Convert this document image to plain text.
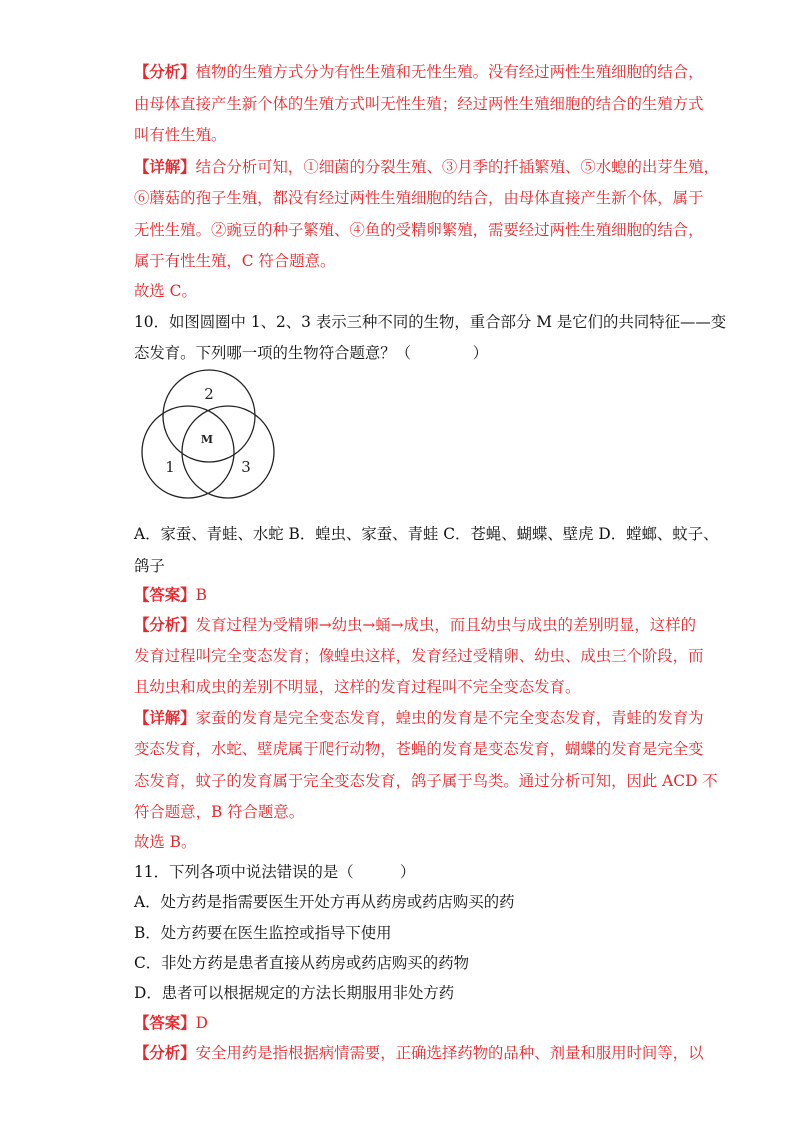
【分析】植物的生殖方式分为有性生殖和无性生殖。没有经过两性生殖细胞的结合，
由母体直接产生新个体的生殖方式叫无性生殖；经过两性生殖细胞的结合的生殖方式
叫有性生殖。
【详解】结合分析可知，①细菌的分裂生殖、③月季的扦插繁殖、⑤水螅的出芽生殖，
⑥蘑菇的孢子生殖，都没有经过两性生殖细胞的结合，由母体直接产生新个体，属于
无性生殖。②豌豆的种子繁殖、④鱼的受精卵繁殖，需要经过两性生殖细胞的结合，
属于有性生殖，C 符合题意。
故选 C。
10．如图圆圈中 1、2、3 表示三种不同的生物，重合部分 M 是它们的共同特征——变
态发育。下列哪一项的生物符合题意？（　　　　）
2
1	3
M
A．家蚕、青蛙、水蛇 B．蝗虫、家蚕、青蛙 C．苍蝇、蝴蝶、壁虎 D．螳螂、蚊子、
鸽子
【答案】B
【分析】发育过程为受精卵→幼虫→蛹→成虫，而且幼虫与成虫的差别明显，这样的
发育过程叫完全变态发育；像蝗虫这样，发育经过受精卵、幼虫、成虫三个阶段，而
且幼虫和成虫的差别不明显，这样的发育过程叫不完全变态发育。
【详解】家蚕的发育是完全变态发育，蝗虫的发育是不完全变态发育，青蛙的发育为
变态发育，水蛇、壁虎属于爬行动物，苍蝇的发育是变态发育，蝴蝶的发育是完全变
态发育，蚊子的发育属于完全变态发育，鸽子属于鸟类。通过分析可知，因此 ACD 不
符合题意，B 符合题意。
故选 B。
11．下列各项中说法错误的是（　　　）
A．处方药是指需要医生开处方再从药房或药店购买的药
B．处方药要在医生监控或指导下使用
C．非处方药是患者直接从药房或药店购买的药物
D．患者可以根据规定的方法长期服用非处方药
【答案】D
【分析】安全用药是指根据病情需要，正确选择药物的品种、剂量和服用时间等，以
